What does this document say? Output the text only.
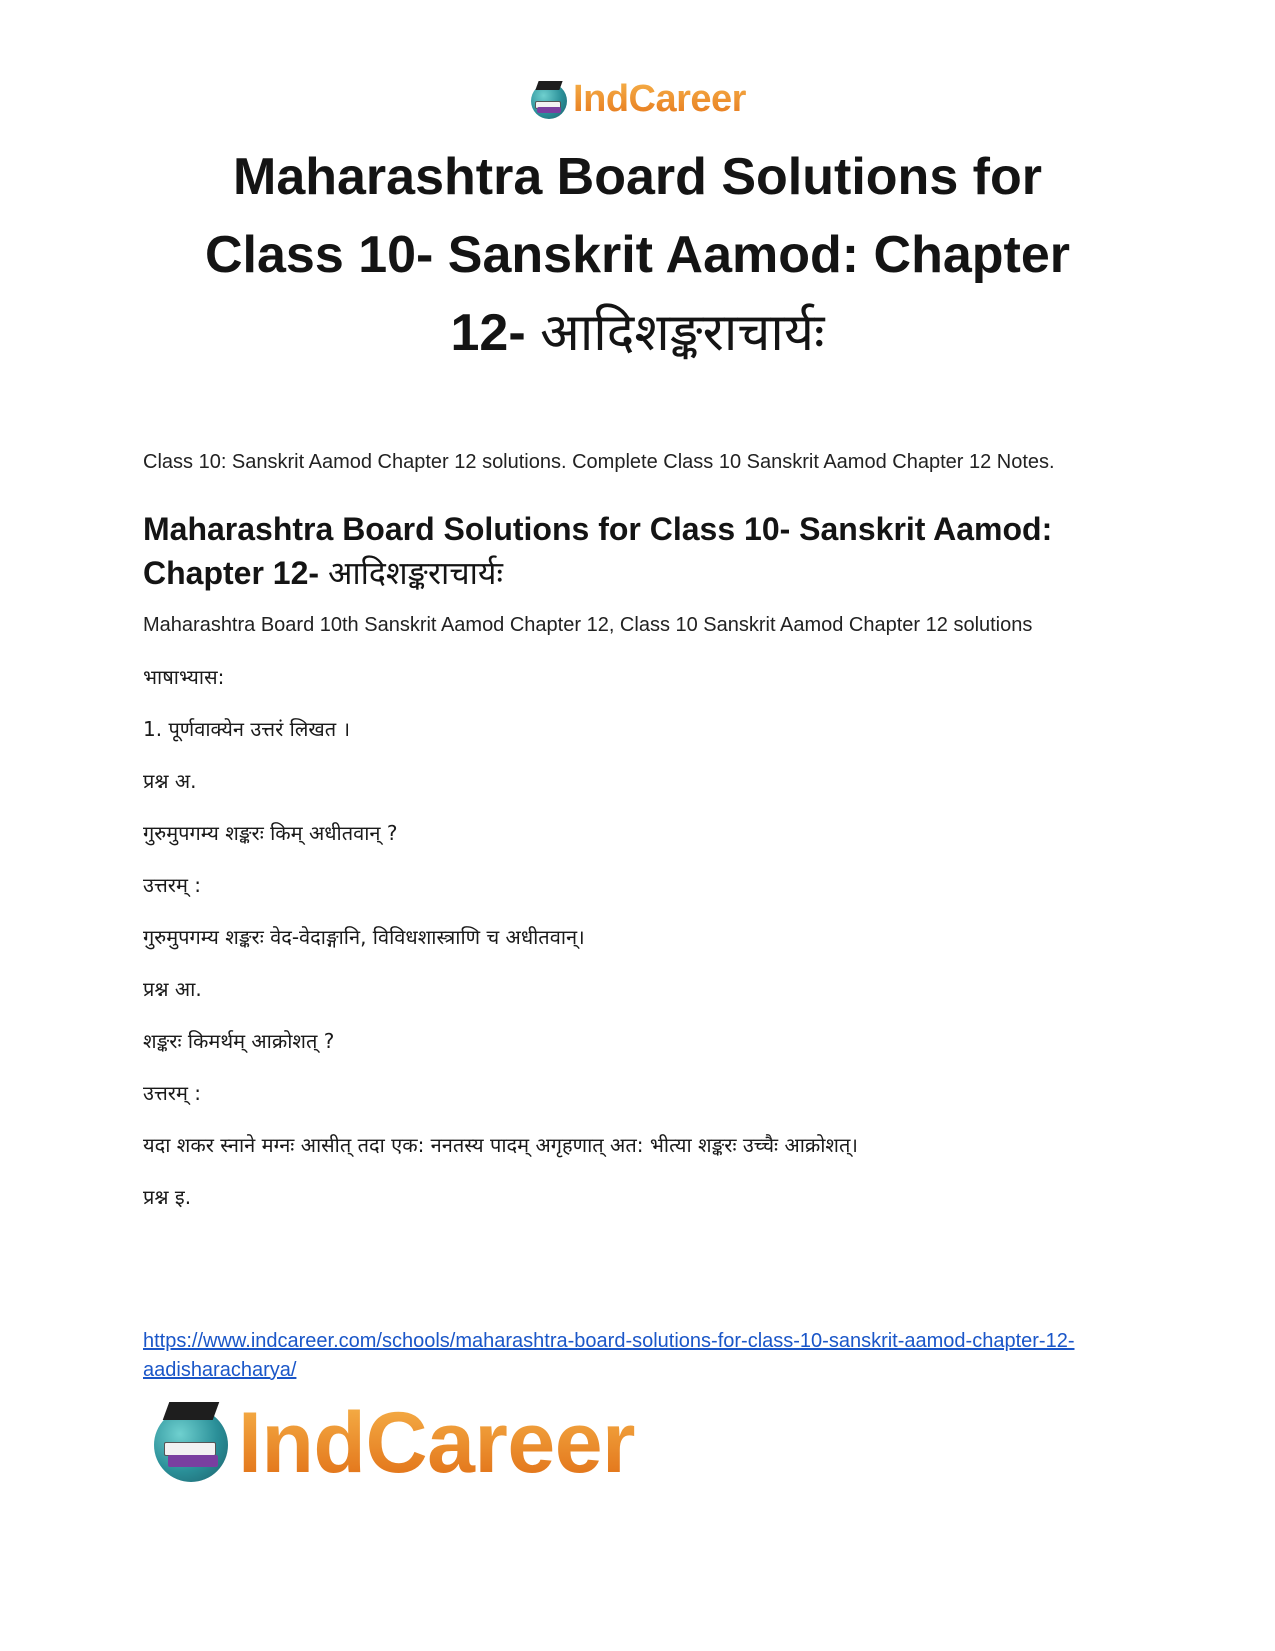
IndCareer
Maharashtra Board Solutions for
Class 10- Sanskrit Aamod: Chapter
12- आदिशङ्कराचार्यः

Class 10: Sanskrit Aamod Chapter 12 solutions. Complete Class 10 Sanskrit Aamod Chapter 12 Notes.

Maharashtra Board Solutions for Class 10- Sanskrit Aamod: Chapter 12- आदिशङ्कराचार्यः

Maharashtra Board 10th Sanskrit Aamod Chapter 12, Class 10 Sanskrit Aamod Chapter 12 solutions

भाषाभ्यास:

1. पूर्णवाक्येन उत्तरं लिखत ।

प्रश्न अ.

गुरुमुपगम्य शङ्करः किम् अधीतवान् ?

उत्तरम् :

गुरुमुपगम्य शङ्करः वेद-वेदाङ्गानि, विविधशास्त्राणि च अधीतवान्।

प्रश्न आ.

शङ्करः किमर्थम् आक्रोशत् ?

उत्तरम् :

यदा शकर स्नाने मग्नः आसीत् तदा एक: ननतस्य पादम् अगृहणात् अत: भीत्या शङ्करः उच्चैः आक्रोशत्।

प्रश्न इ.

https://www.indcareer.com/schools/maharashtra-board-solutions-for-class-10-sanskrit-aamod-chapter-12-aadisharacharya/
IndCareer
